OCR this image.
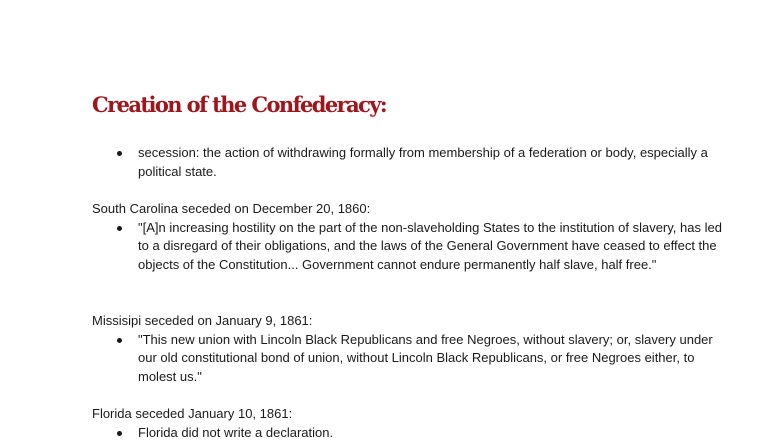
Creation of the Confederacy:
secession: the action of withdrawing formally from membership of a federation or body, especially a political state.

South Carolina seceded on December 20, 1860:

"[A]n increasing hostility on the part of the non-slaveholding States to the institution of slavery, has led to a disregard of their obligations, and the laws of the General Government have ceased to effect the objects of the Constitution... Government cannot endure permanently half slave, half free."

Missisipi seceded on January 9, 1861:

"This new union with Lincoln Black Republicans and free Negroes, without slavery; or, slavery under our old constitutional bond of union, without Lincoln Black Republicans, or free Negroes either, to molest us."

Florida seceded January 10, 1861:

Florida did not write a declaration.
